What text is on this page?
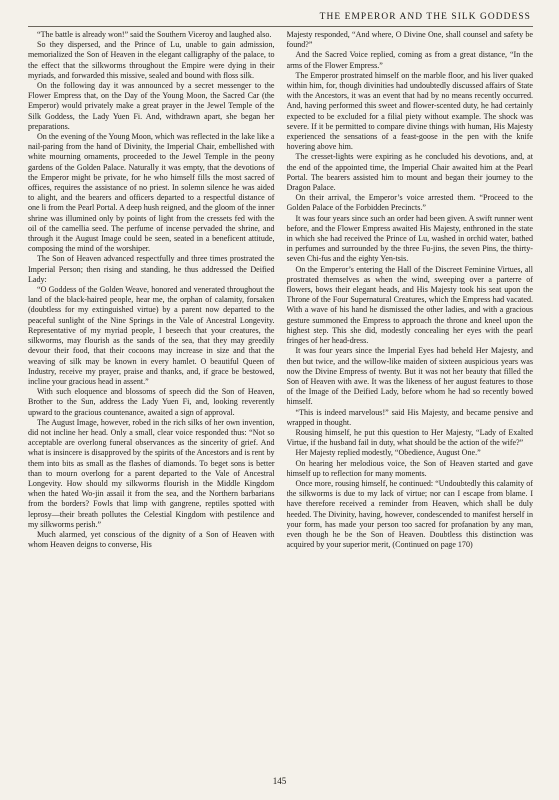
THE EMPEROR AND THE SILK GODDESS

“The battle is already won!” said the Southern Viceroy and laughed also.

So they dispersed, and the Prince of Lu, unable to gain admission, memorialized the Son of Heaven in the elegant calligraphy of the palace, to the effect that the silkworms throughout the Empire were dying in their myriads, and forwarded this missive, sealed and bound with floss silk.

On the following day it was announced by a secret messenger to the Flower Empress that, on the Day of the Young Moon, the Sacred Car (the Emperor) would privately make a great prayer in the Jewel Temple of the Silk Goddess, the Lady Yuen Fi. And, withdrawn apart, she began her preparations.

On the evening of the Young Moon, which was reflected in the lake like a nail-paring from the hand of Divinity, the Imperial Chair, embellished with white mourning ornaments, proceeded to the Jewel Temple in the peony gardens of the Golden Palace. Naturally it was empty, that the devotions of the Emperor might be private, for he who himself fills the most sacred of offices, requires the assistance of no priest. In solemn silence he was aided to alight, and the bearers and officers departed to a respectful distance of one li from the Pearl Portal. A deep hush reigned, and the gloom of the inner shrine was illumined only by points of light from the cressets fed with the oil of the camellia seed. The perfume of incense pervaded the shrine, and through it the August Image could be seen, seated in a beneficent attitude, composing the mind of the worshiper.

The Son of Heaven advanced respectfully and three times prostrated the Imperial Person; then rising and standing, he thus addressed the Deified Lady:

“O Goddess of the Golden Weave, honored and venerated throughout the land of the black-haired people, hear me, the orphan of calamity, forsaken (doubtless for my extinguished virtue) by a parent now departed to the peaceful sunlight of the Nine Springs in the Vale of Ancestral Longevity. Representative of my myriad people, I beseech that your creatures, the silkworms, may flourish as the sands of the sea, that they may greedily devour their food, that their cocoons may increase in size and that the weaving of silk may be known in every hamlet. O beautiful Queen of Industry, receive my prayer, praise and thanks, and, if grace be bestowed, incline your gracious head in assent.”

With such eloquence and blossoms of speech did the Son of Heaven, Brother to the Sun, address the Lady Yuen Fi, and, looking reverently upward to the gracious countenance, awaited a sign of approval.

The August Image, however, robed in the rich silks of her own invention, did not incline her head. Only a small, clear voice responded thus: “Not so acceptable are overlong funeral observances as the sincerity of grief. And what is insincere is disapproved by the spirits of the Ancestors and is rent by them into bits as small as the flashes of diamonds. To beget sons is better than to mourn overlong for a parent departed to the Vale of Ancestral Longevity. How should my silkworms flourish in the Middle Kingdom when the hated Wo-jin assail it from the sea, and the Northern barbarians from the borders? Fowls that limp with gangrene, reptiles spotted with leprosy—their breath pollutes the Celestial Kingdom with pestilence and my silkworms perish.”

Much alarmed, yet conscious of the dignity of a Son of Heaven with whom Heaven deigns to converse, His

Majesty responded, “And where, O Divine One, shall counsel and safety be found?”

And the Sacred Voice replied, coming as from a great distance, “In the arms of the Flower Empress.”

The Emperor prostrated himself on the marble floor, and his liver quaked within him, for, though divinities had undoubtedly discussed affairs of State with the Ancestors, it was an event that had by no means recently occurred. And, having performed this sweet and flower-scented duty, he had certainly expected to be excluded for a filial piety without example. The shock was severe. If it be permitted to compare divine things with human, His Majesty experienced the sensations of a feast-goose in the pen with the knife hovering above him.

The cresset-lights were expiring as he concluded his devotions, and, at the end of the appointed time, the Imperial Chair awaited him at the Pearl Portal. The bearers assisted him to mount and began their journey to the Dragon Palace.

On their arrival, the Emperor’s voice arrested them. “Proceed to the Golden Palace of the Forbidden Precincts.”

It was four years since such an order had been given. A swift runner went before, and the Flower Empress awaited His Majesty, enthroned in the state in which she had received the Prince of Lu, washed in orchid water, bathed in perfumes and surrounded by the three Fu-jins, the seven Pins, the thirty-seven Chi-fus and the eighty Yen-tsis.

On the Emperor’s entering the Hall of the Discreet Feminine Virtues, all prostrated themselves as when the wind, sweeping over a parterre of flowers, bows their elegant heads, and His Majesty took his seat upon the Throne of the Four Supernatural Creatures, which the Empress had vacated. With a wave of his hand he dismissed the other ladies, and with a gracious gesture summoned the Empress to approach the throne and kneel upon the highest step. This she did, modestly concealing her eyes with the pearl fringes of her head-dress.

It was four years since the Imperial Eyes had beheld Her Majesty, and then but twice, and the willow-like maiden of sixteen auspicious years was now the Divine Empress of twenty. But it was not her beauty that filled the Son of Heaven with awe. It was the likeness of her august features to those of the Image of the Deified Lady, before whom he had so recently bowed himself.

“This is indeed marvelous!” said His Majesty, and became pensive and wrapped in thought.

Rousing himself, he put this question to Her Majesty, “Lady of Exalted Virtue, if the husband fail in duty, what should be the action of the wife?”

Her Majesty replied modestly, “Obedience, August One.”

On hearing her melodious voice, the Son of Heaven started and gave himself up to reflection for many moments.

Once more, rousing himself, he continued: “Undoubtedly this calamity of the silkworms is due to my lack of virtue; nor can I escape from blame. I have therefore received a reminder from Heaven, which shall be duly heeded. The Divinity, having, however, condescended to manifest herself in your form, has made your person too sacred for profanation by any man, even though he be the Son of Heaven. Doubtless this distinction was acquired by your superior merit, (Continued on page 170)

145
